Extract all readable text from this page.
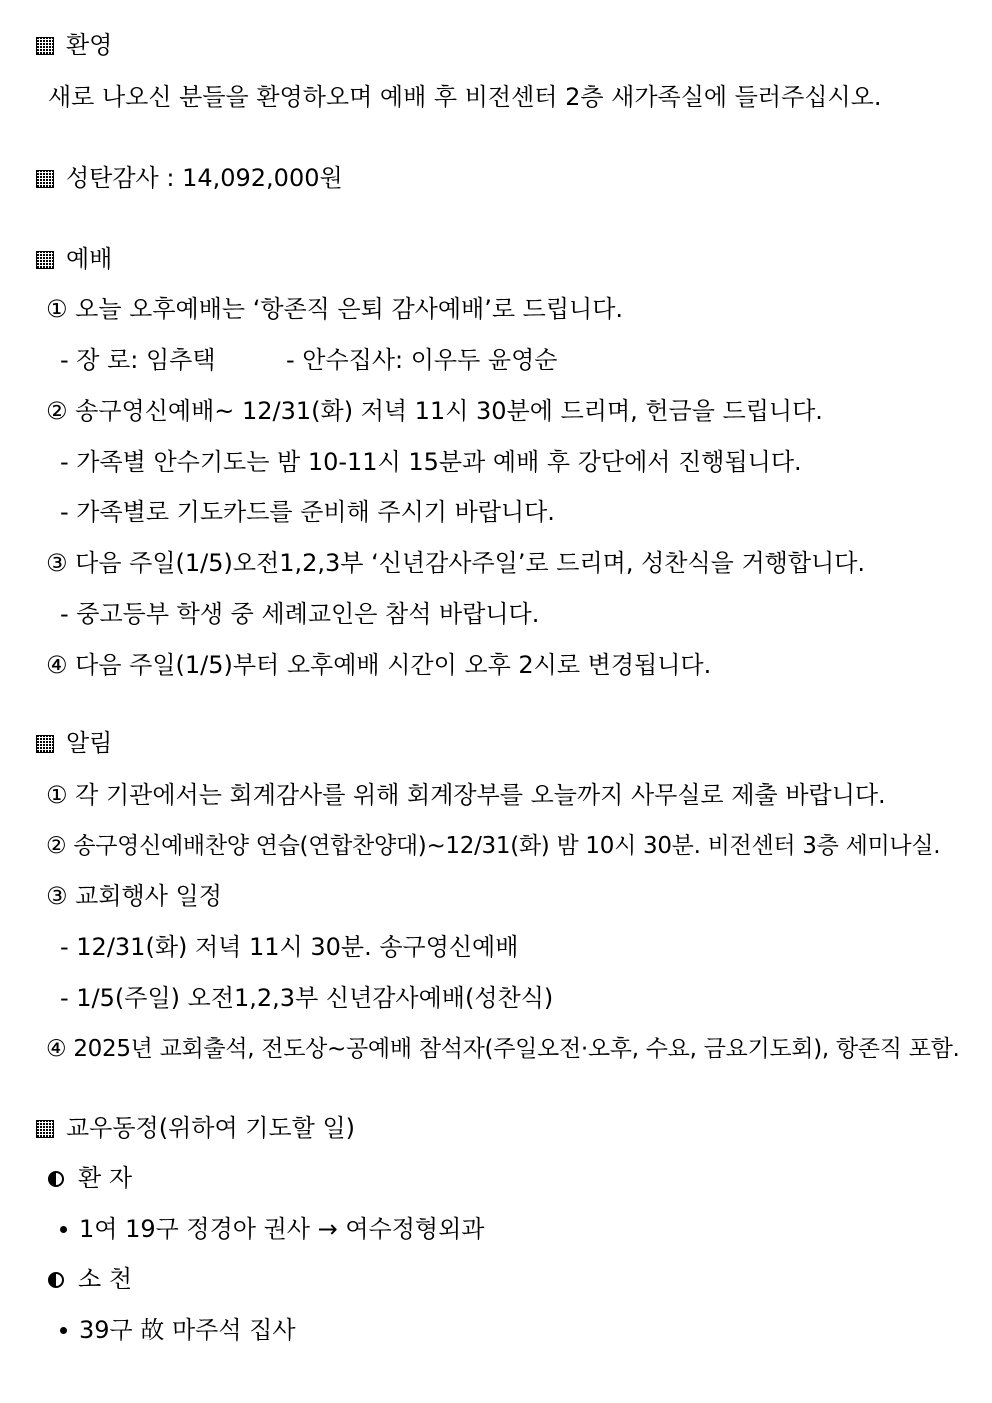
환영
새로 나오신 분들을 환영하오며 예배 후 비전센터 2층 새가족실에 들러주십시오.
성탄감사 : 14,092,000원
예배
① 오늘 오후예배는 ‘항존직 은퇴 감사예배’로 드립니다.
- 장 로: 임추택	- 안수집사: 이우두 윤영순
② 송구영신예배~ 12/31(화) 저녁 11시 30분에 드리며, 헌금을 드립니다.
- 가족별 안수기도는 밤 10-11시 15분과 예배 후 강단에서 진행됩니다.
- 가족별로 기도카드를 준비해 주시기 바랍니다.
③ 다음 주일(1/5)오전1,2,3부 ‘신년감사주일’로 드리며, 성찬식을 거행합니다.
- 중고등부 학생 중 세례교인은 참석 바랍니다.
④ 다음 주일(1/5)부터 오후예배 시간이 오후 2시로 변경됩니다.
알림
① 각 기관에서는 회계감사를 위해 회계장부를 오늘까지 사무실로 제출 바랍니다.
② 송구영신예배찬양 연습(연합찬양대)~12/31(화) 밤 10시 30분. 비전센터 3층 세미나실.
③ 교회행사 일정
- 12/31(화) 저녁 11시 30분. 송구영신예배
- 1/5(주일) 오전1,2,3부 신년감사예배(성찬식)
④ 2025년 교회출석, 전도상~공예배 참석자(주일오전·오후, 수요, 금요기도회), 항존직 포함.
교우동정(위하여 기도할 일)
환 자
1여 19구 정경아 권사 → 여수정형외과
소 천
39구 故 마주석 집사
